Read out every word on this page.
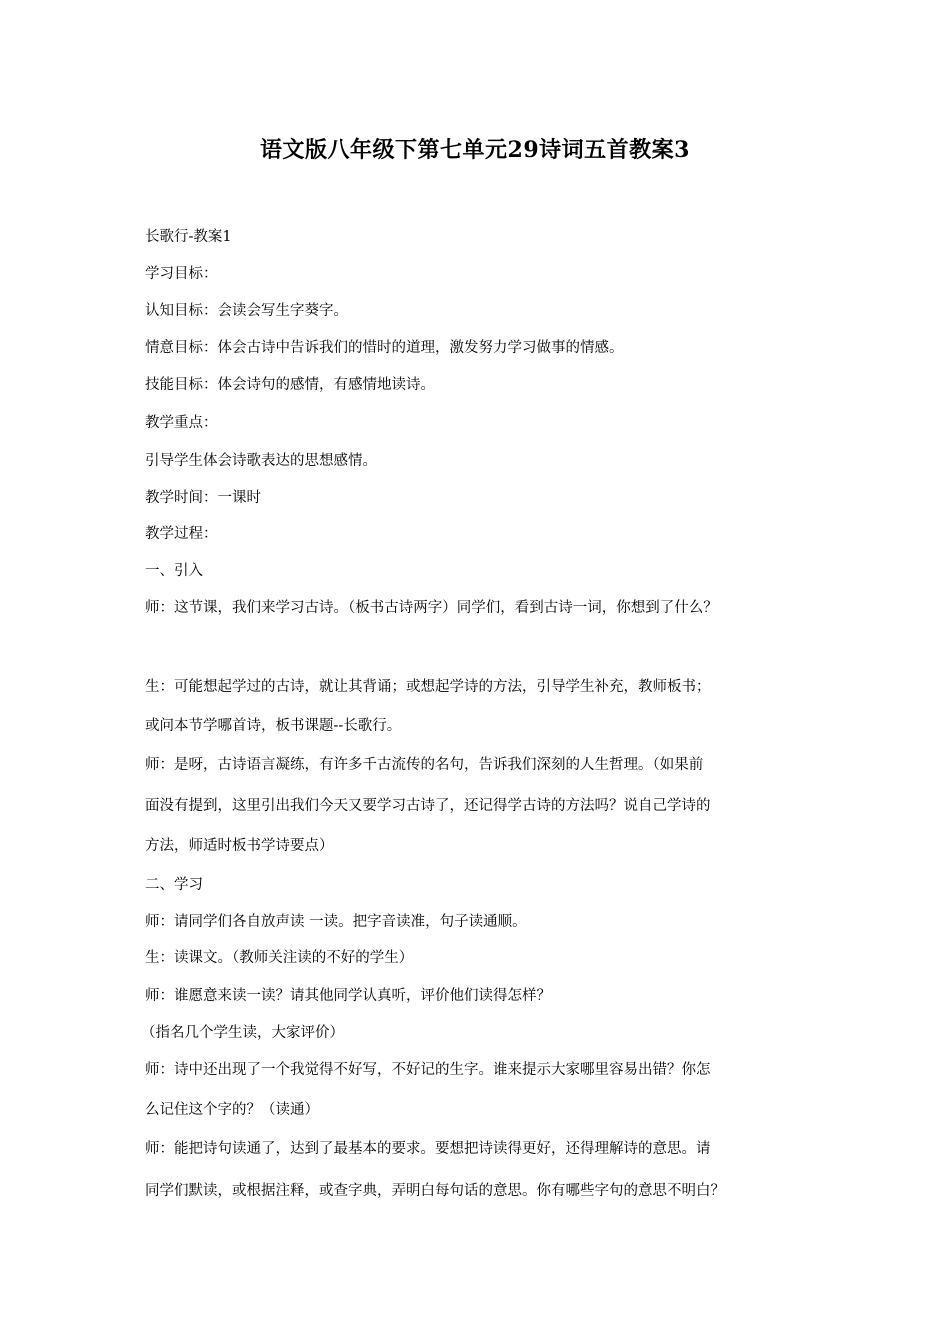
语文版八年级下第七单元29诗词五首教案3

长歌行-教案1

学习目标：

认知目标：会读会写生字葵字。

情意目标：体会古诗中告诉我们的惜时的道理，激发努力学习做事的情感。

技能目标：体会诗句的感情，有感情地读诗。

教学重点：

引导学生体会诗歌表达的思想感情。

教学时间：一课时

教学过程：

一、引入

师：这节课，我们来学习古诗。（板书古诗两字）同学们，看到古诗一词，你想到了什么？

生：可能想起学过的古诗，就让其背诵；或想起学诗的方法，引导学生补充，教师板书；

或问本节学哪首诗，板书课题--长歌行。

师：是呀，古诗语言凝练，有许多千古流传的名句，告诉我们深刻的人生哲理。（如果前

面没有提到，这里引出我们今天又要学习古诗了，还记得学古诗的方法吗？说自己学诗的

方法，师适时板书学诗要点）

二、学习

师：请同学们各自放声读 一读。把字音读准，句子读通顺。

生：读课文。（教师关注读的不好的学生）

师：谁愿意来读一读？请其他同学认真听，评价他们读得怎样？

（指名几个学生读，大家评价）

师：诗中还出现了一个我觉得不好写，不好记的生字。谁来提示大家哪里容易出错？你怎

么记住这个字的？（读通）

师：能把诗句读通了，达到了最基本的要求。要想把诗读得更好，还得理解诗的意思。请

同学们默读，或根据注释，或查字典，弄明白每句话的意思。你有哪些字句的意思不明白？
